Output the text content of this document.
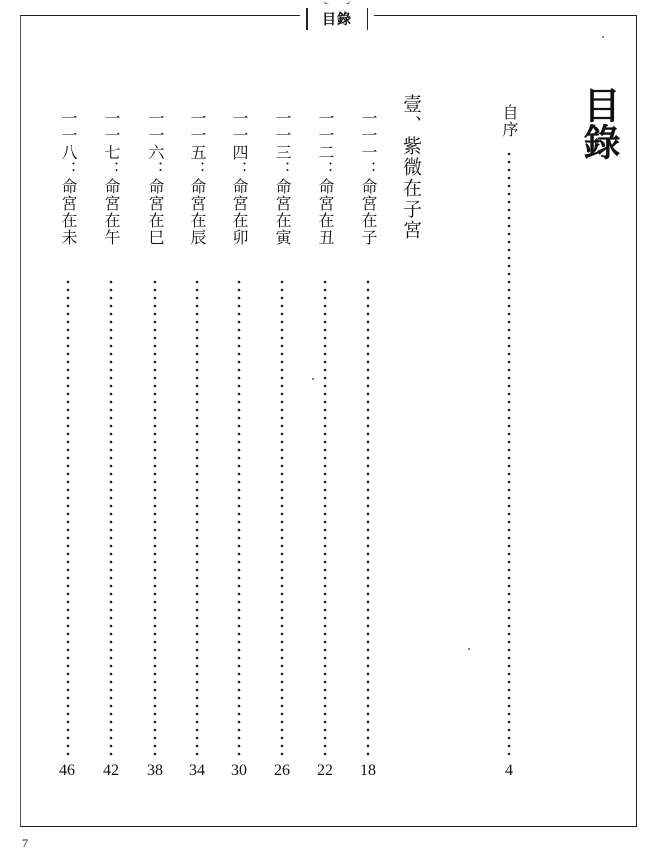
目錄
目錄
自序
4
壹、紫微在子宮
一一一：命宮在子
18
一一二：命宮在丑
22
一一三：命宮在寅
26
一一四：命宮在卯
30
一一五：命宮在辰
34
一一六：命宮在巳
38
一一七：命宮在午
42
一一八：命宮在未
46
7
